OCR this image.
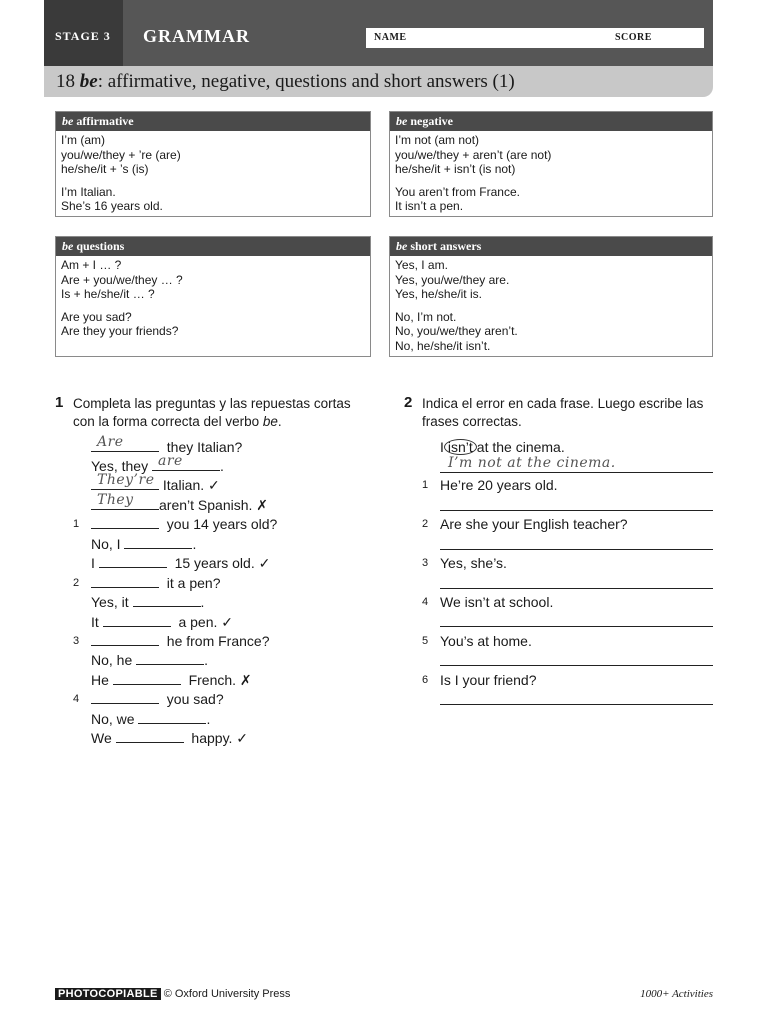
STAGE 3	GRAMMAR	NAME	SCORE
18 be: affirmative, negative, questions and short answers (1)
be affirmative
I’m (am)
you/we/they + ’re (are)
he/she/it + ’s (is)
I’m Italian.
She’s 16 years old.
be negative
I’m not (am not)
you/we/they + aren’t (are not)
he/she/it + isn’t (is not)
You aren’t from France.
It isn’t a pen.
be questions
Am + I … ?
Are + you/we/they … ?
Is + he/she/it … ?
Are you sad?
Are they your friends?
be short answers
Yes, I am.
Yes, you/we/they are.
Yes, he/she/it is.
No, I’m not.
No, you/we/they aren’t.
No, he/she/it isn’t.
1 Completa las preguntas y las repuestas cortas con la forma correcta del verbo be.
Are	they Italian?
Yes, they are	.
They’re Italian. ✓
They aren’t Spanish. ✗
1	you 14 years old?
No, I	.
I	15 years old. ✓
2	it a pen?
Yes, it	.
It	a pen. ✓
3	he from France?
No, he	.
He	French. ✗
4	you sad?
No, we	.
We	happy. ✓
2 Indica el error en cada frase. Luego escribe las frases correctas.
I isn’t at the cinema.
I’m not at the cinema.
1 He’re 20 years old.
2 Are she your English teacher?
3 Yes, she’s.
4 We isn’t at school.
5 You’s at home.
6 Is I your friend?
PHOTOCOPIABLE © Oxford University Press	1000+ Activities
